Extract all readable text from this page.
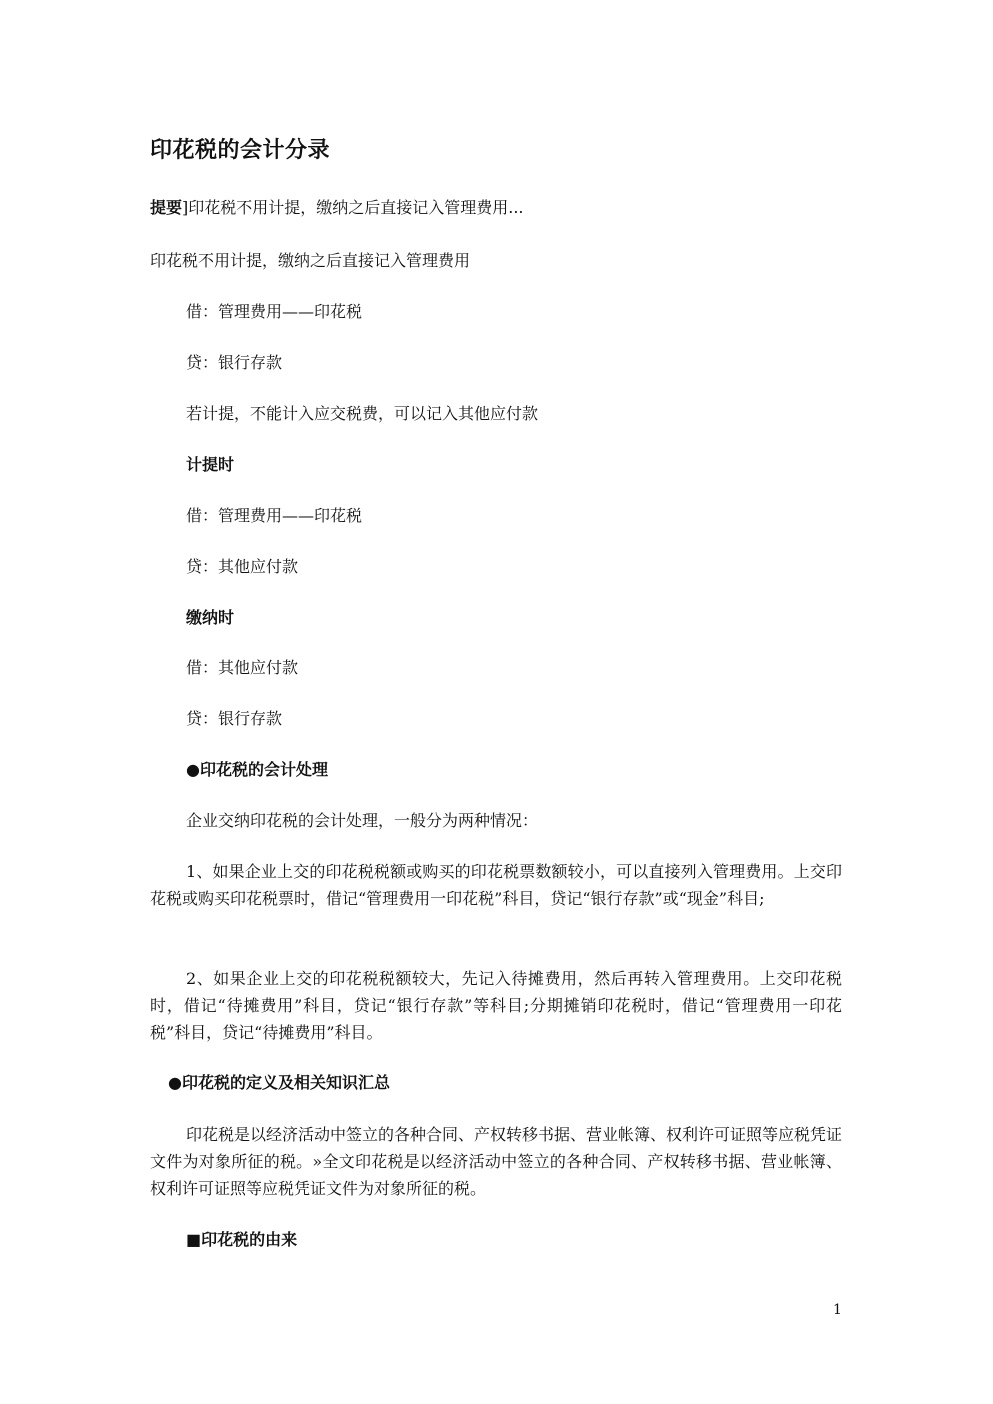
印花税的会计分录
提要]印花税不用计提，缴纳之后直接记入管理费用...
印花税不用计提，缴纳之后直接记入管理费用
借：管理费用——印花税
贷：银行存款
若计提，不能计入应交税费，可以记入其他应付款
计提时
借：管理费用——印花税
贷：其他应付款
缴纳时
借：其他应付款
贷：银行存款
●印花税的会计处理
企业交纳印花税的会计处理，一般分为两种情况：
1、如果企业上交的印花税税额或购买的印花税票数额较小，可以直接列入管理费用。上交印花税或购买印花税票时，借记“管理费用一印花税”科目，贷记“银行存款”或“现金”科目;
2、如果企业上交的印花税税额较大，先记入待摊费用，然后再转入管理费用。上交印花税时，借记“待摊费用”科目，贷记“银行存款”等科目;分期摊销印花税时，借记“管理费用一印花税”科目，贷记“待摊费用”科目。
●印花税的定义及相关知识汇总
印花税是以经济活动中签立的各种合同、产权转移书据、营业帐簿、权利许可证照等应税凭证文件为对象所征的税。»全文印花税是以经济活动中签立的各种合同、产权转移书据、营业帐簿、权利许可证照等应税凭证文件为对象所征的税。
■印花税的由来
1
